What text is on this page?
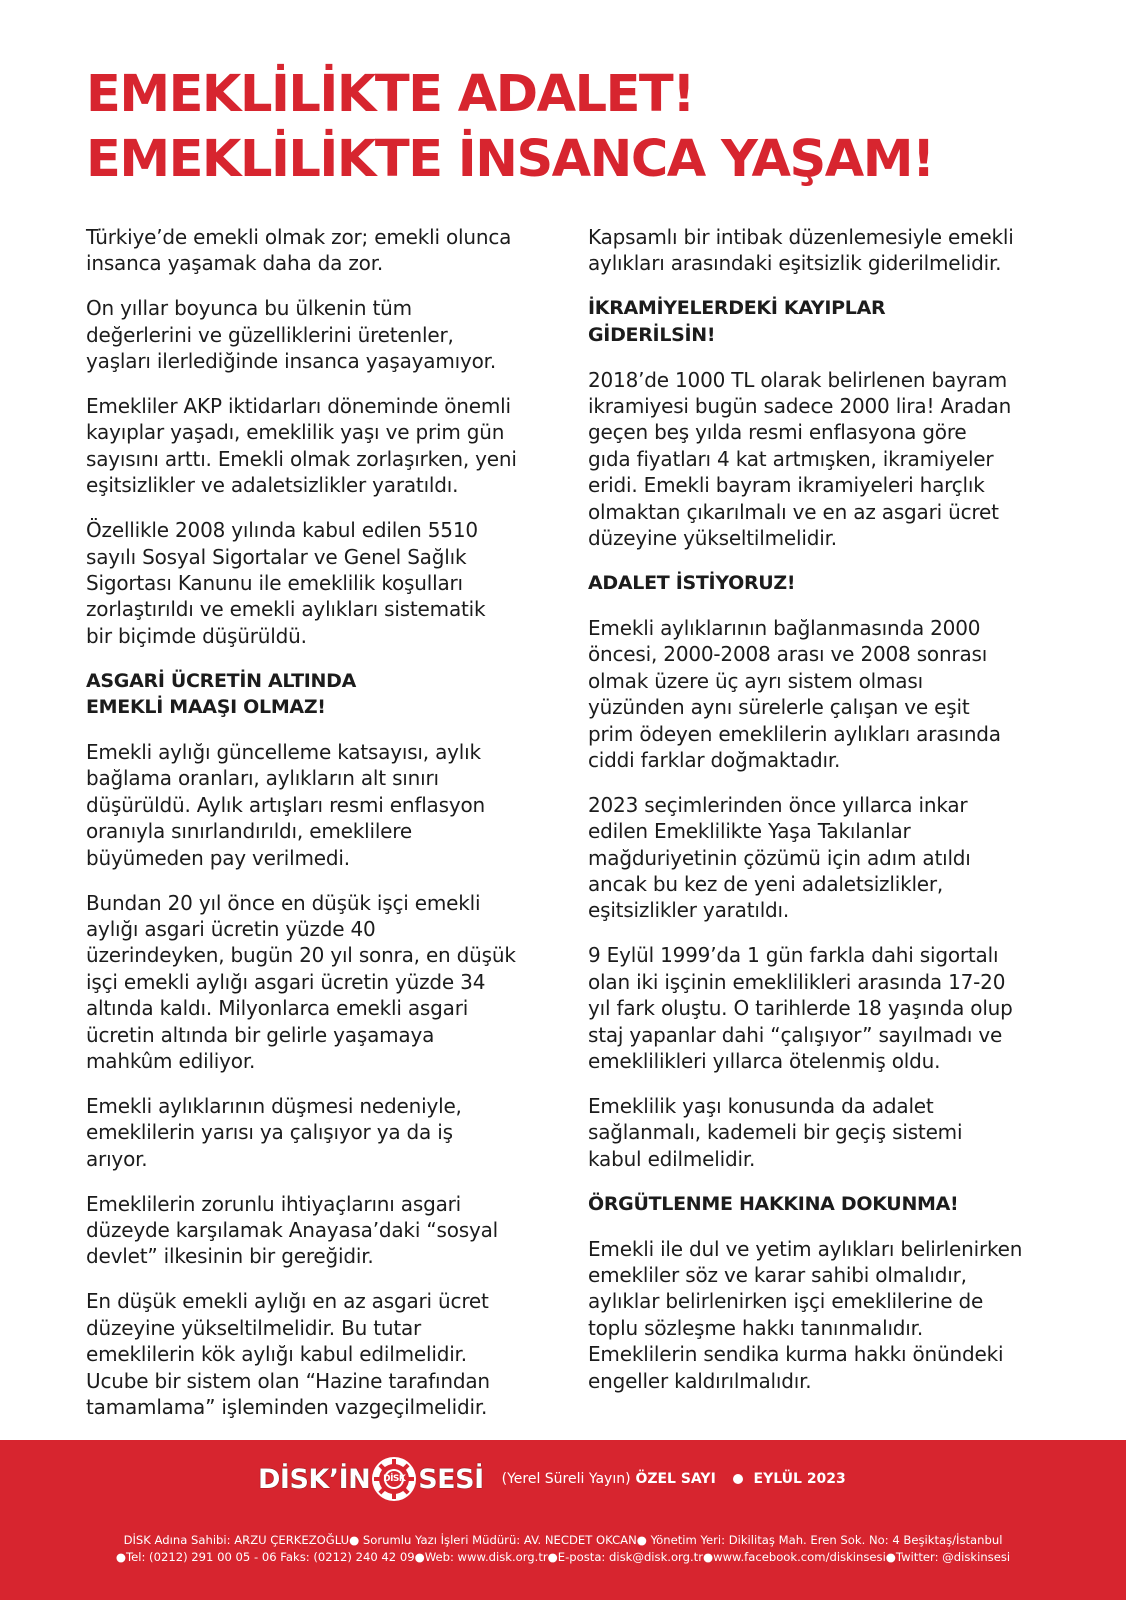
EMEKLİLİKTE ADALET!
EMEKLİLİKTE İNSANCA YAŞAM!
Türkiye’de emekli olmak zor; emekli olunca
insanca yaşamak daha da zor.
On yıllar boyunca bu ülkenin tüm
değerlerini ve güzelliklerini üretenler,
yaşları ilerlediğinde insanca yaşayamıyor.
Emekliler AKP iktidarları döneminde önemli
kayıplar yaşadı, emeklilik yaşı ve prim gün
sayısını arttı. Emekli olmak zorlaşırken, yeni
eşitsizlikler ve adaletsizlikler yaratıldı.
Özellikle 2008 yılında kabul edilen 5510
sayılı Sosyal Sigortalar ve Genel Sağlık
Sigortası Kanunu ile emeklilik koşulları
zorlaştırıldı ve emekli aylıkları sistematik
bir biçimde düşürüldü.
ASGARİ ÜCRETİN ALTINDA
EMEKLİ MAAŞI OLMAZ!
Emekli aylığı güncelleme katsayısı, aylık
bağlama oranları, aylıkların alt sınırı
düşürüldü. Aylık artışları resmi enflasyon
oranıyla sınırlandırıldı, emeklilere
büyümeden pay verilmedi.
Bundan 20 yıl önce en düşük işçi emekli
aylığı asgari ücretin yüzde 40
üzerindeyken, bugün 20 yıl sonra, en düşük
işçi emekli aylığı asgari ücretin yüzde 34
altında kaldı. Milyonlarca emekli asgari
ücretin altında bir gelirle yaşamaya
mahkûm ediliyor.
Emekli aylıklarının düşmesi nedeniyle,
emeklilerin yarısı ya çalışıyor ya da iş
arıyor.
Emeklilerin zorunlu ihtiyaçlarını asgari
düzeyde karşılamak Anayasa’daki “sosyal
devlet” ilkesinin bir gereğidir.
En düşük emekli aylığı en az asgari ücret
düzeyine yükseltilmelidir. Bu tutar
emeklilerin kök aylığı kabul edilmelidir.
Ucube bir sistem olan “Hazine tarafından
tamamlama” işleminden vazgeçilmelidir.
Kapsamlı bir intibak düzenlemesiyle emekli
aylıkları arasındaki eşitsizlik giderilmelidir.
İKRAMİYELERDEKİ KAYIPLAR
GİDERİLSİN!
2018’de 1000 TL olarak belirlenen bayram
ikramiyesi bugün sadece 2000 lira! Aradan
geçen beş yılda resmi enflasyona göre
gıda fiyatları 4 kat artmışken, ikramiyeler
eridi. Emekli bayram ikramiyeleri harçlık
olmaktan çıkarılmalı ve en az asgari ücret
düzeyine yükseltilmelidir.
ADALET İSTİYORUZ!
Emekli aylıklarının bağlanmasında 2000
öncesi, 2000-2008 arası ve 2008 sonrası
olmak üzere üç ayrı sistem olması
yüzünden aynı sürelerle çalışan ve eşit
prim ödeyen emeklilerin aylıkları arasında
ciddi farklar doğmaktadır.
2023 seçimlerinden önce yıllarca inkar
edilen Emeklilikte Yaşa Takılanlar
mağduriyetinin çözümü için adım atıldı
ancak bu kez de yeni adaletsizlikler,
eşitsizlikler yaratıldı.
9 Eylül 1999’da 1 gün farkla dahi sigortalı
olan iki işçinin emeklilikleri arasında 17-20
yıl fark oluştu. O tarihlerde 18 yaşında olup
staj yapanlar dahi “çalışıyor” sayılmadı ve
emeklilikleri yıllarca ötelenmiş oldu.
Emeklilik yaşı konusunda da adalet
sağlanmalı, kademeli bir geçiş sistemi
kabul edilmelidir.
ÖRGÜTLENME HAKKINA DOKUNMA!
Emekli ile dul ve yetim aylıkları belirlenirken
emekliler söz ve karar sahibi olmalıdır,
aylıklar belirlenirken işçi emeklilerine de
toplu sözleşme hakkı tanınmalıdır.
Emeklilerin sendika kurma hakkı önündeki
engeller kaldırılmalıdır.
DİSK’İN DİSK SESİ (Yerel Süreli Yayın) ÖZEL SAYI	EYLÜL 2023
DİSK Adına Sahibi: ARZU ÇERKEZOĞLU● Sorumlu Yazı İşleri Müdürü: AV. NECDET OKCAN● Yönetim Yeri: Dikilitaş Mah. Eren Sok. No: 4 Beşiktaş/İstanbul
●Tel: (0212) 291 00 05 - 06 Faks: (0212) 240 42 09●Web: www.disk.org.tr●E-posta: disk@disk.org.tr●www.facebook.com/diskinsesi●Twitter: @diskinsesi
